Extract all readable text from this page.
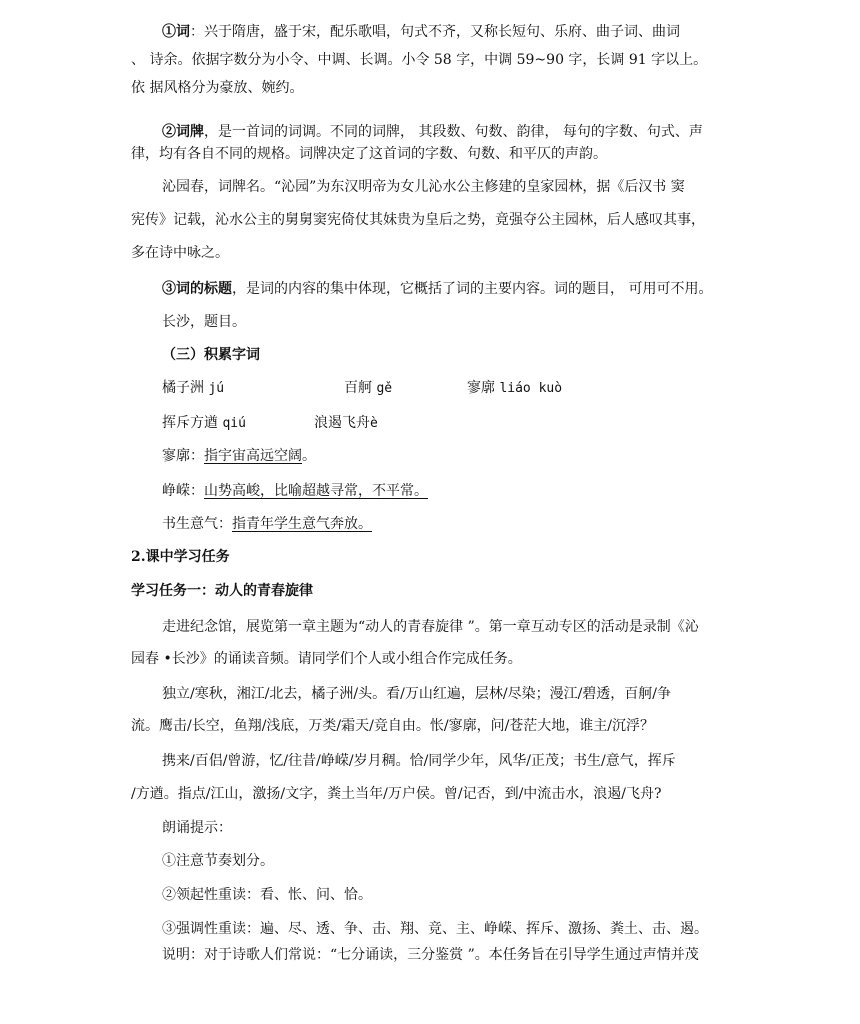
①词：兴于隋唐，盛于宋，配乐歌唱，句式不齐，又称长短句、乐府、曲子词、曲词
、 诗余。依据字数分为小令、中调、长调。小令 58 字，中调 59~90 字，长调 91 字以上。
依 据风格分为豪放、婉约。
②词牌，是一首词的词调。不同的词牌， 其段数、句数、韵律， 每句的字数、句式、声
律，均有各自不同的规格。词牌决定了这首词的字数、句数、和平仄的声韵。
沁园春，词牌名。“沁园”为东汉明帝为女儿沁水公主修建的皇家园林，据《后汉书 窦
宪传》记载，沁水公主的舅舅窦宪倚仗其妹贵为皇后之势，竟强夺公主园林，后人感叹其事，
多在诗中咏之。
③词的标题，是词的内容的集中体现，它概括了词的主要内容。词的题目， 可用可不用。
长沙，题目。
（三）积累字词
橘子洲 jú	百舸 gě	寥廓 liáo kuò
挥斥方遒 qiú	浪遏飞舟è
寥廓：指宇宙高远空阔。
峥嵘：山势高峻，比喻超越寻常，不平常。
书生意气：指青年学生意气奔放。
2.课中学习任务
学习任务一：动人的青春旋律
走进纪念馆，展览第一章主题为“动人的青春旋律 ”。第一章互动专区的活动是录制《沁
园春 •长沙》的诵读音频。请同学们个人或小组合作完成任务。
独立/寒秋，湘江/北去，橘子洲/头。看/万山红遍，层林/尽染；漫江/碧透，百舸/争
流。鹰击/长空，鱼翔/浅底，万类/霜天/竞自由。怅/寥廓，问/苍茫大地，谁主/沉浮？
携来/百侣/曾游，忆/往昔/峥嵘/岁月稠。恰/同学少年，风华/正茂；书生/意气，挥斥
/方遒。指点/江山，激扬/文字，粪土当年/万户侯。曾/记否，到/中流击水，浪遏/飞舟?
朗诵提示：
①注意节奏划分。
②领起性重读：看、怅、问、恰。
③强调性重读：遍、尽、透、争、击、翔、竞、主、峥嵘、挥斥、激扬、粪土、击、遏。
说明：对于诗歌人们常说：“七分诵读，三分鉴赏 ”。本任务旨在引导学生通过声情并茂
